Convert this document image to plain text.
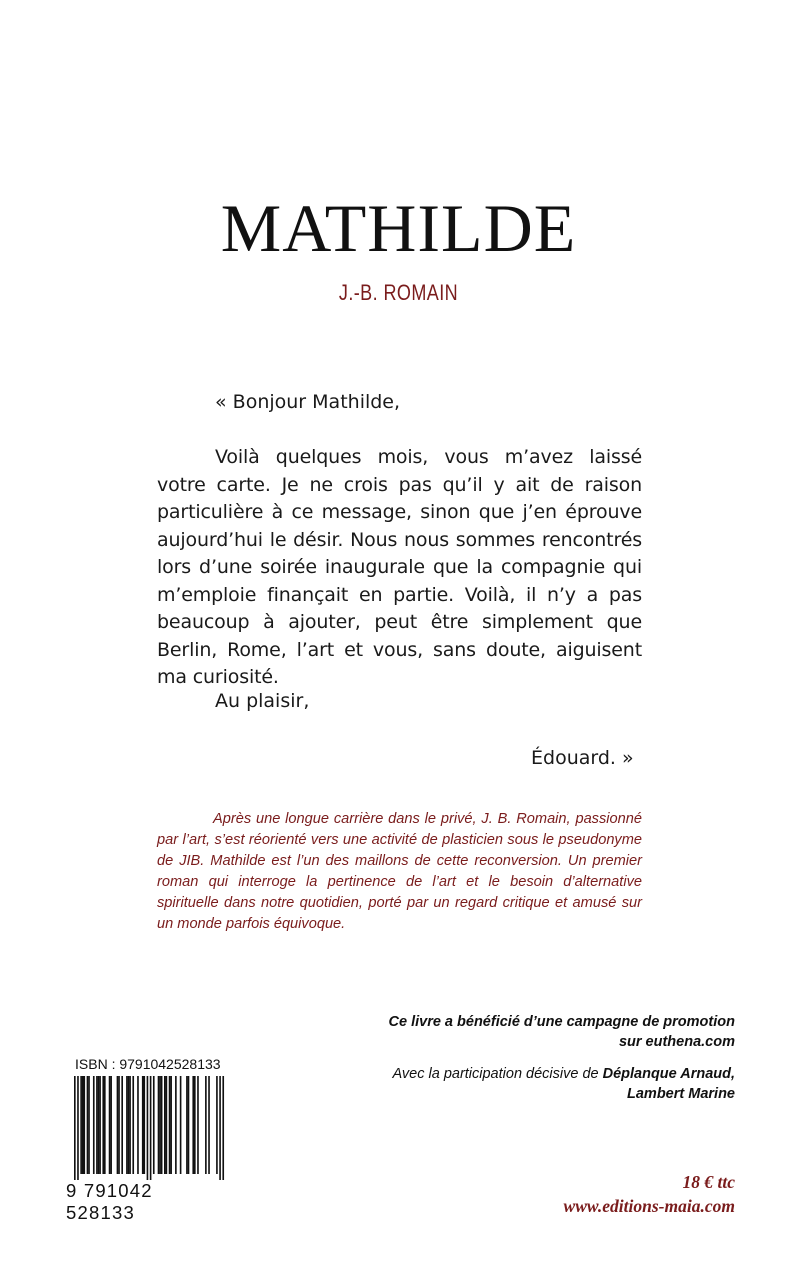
MATHILDE
J.-B. ROMAIN
« Bonjour Mathilde,
Voilà quelques mois, vous m’avez laissé votre carte. Je ne crois pas qu’il y ait de raison particulière à ce message, sinon que j’en éprouve aujourd’hui le désir. Nous nous sommes rencontrés lors d’une soirée inaugurale que la compagnie qui m’emploie finançait en partie. Voilà, il n’y a pas beaucoup à ajouter, peut être simplement que Berlin, Rome, l’art et vous, sans doute, aiguisent ma curiosité.
Au plaisir,
Édouard. »
Après une longue carrière dans le privé, J. B. Romain, passionné par l’art, s’est réorienté vers une activité de plasticien sous le pseudonyme de JIB. Mathilde est l’un des maillons de cette reconversion. Un premier roman qui interroge la pertinence de l’art et le besoin d’alternative spirituelle dans notre quotidien, porté par un regard critique et amusé sur un monde parfois équivoque.
Ce livre a bénéficié d’une campagne de promotion
sur euthena.com
Avec la participation décisive de Déplanque Arnaud,
Lambert Marine
18 € ttc
www.editions-maia.com
ISBN : 9791042528133
9 791042 528133
